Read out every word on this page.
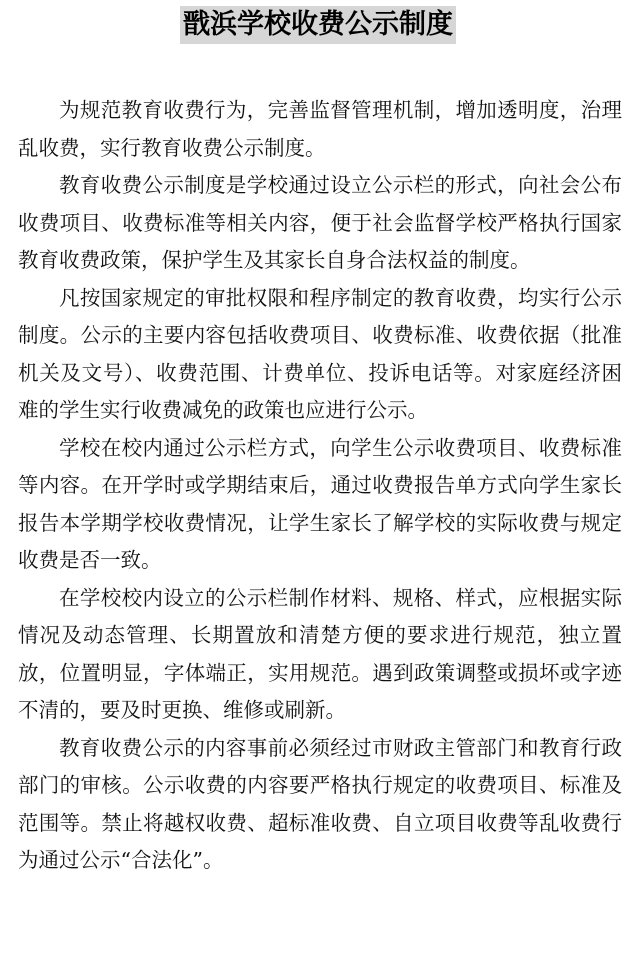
戬浜学校收费公示制度

为规范教育收费行为，完善监督管理机制，增加透明度，治理乱收费，实行教育收费公示制度。

教育收费公示制度是学校通过设立公示栏的形式，向社会公布收费项目、收费标准等相关内容，便于社会监督学校严格执行国家教育收费政策，保护学生及其家长自身合法权益的制度。

凡按国家规定的审批权限和程序制定的教育收费，均实行公示制度。公示的主要内容包括收费项目、收费标准、收费依据（批准机关及文号）、收费范围、计费单位、投诉电话等。对家庭经济困难的学生实行收费减免的政策也应进行公示。

学校在校内通过公示栏方式，向学生公示收费项目、收费标准等内容。在开学时或学期结束后，通过收费报告单方式向学生家长报告本学期学校收费情况，让学生家长了解学校的实际收费与规定收费是否一致。

在学校校内设立的公示栏制作材料、规格、样式，应根据实际情况及动态管理、长期置放和清楚方便的要求进行规范，独立置放，位置明显，字体端正，实用规范。遇到政策调整或损坏或字迹不清的，要及时更换、维修或刷新。

教育收费公示的内容事前必须经过市财政主管部门和教育行政部门的审核。公示收费的内容要严格执行规定的收费项目、标准及范围等。禁止将越权收费、超标准收费、自立项目收费等乱收费行为通过公示“合法化”。
